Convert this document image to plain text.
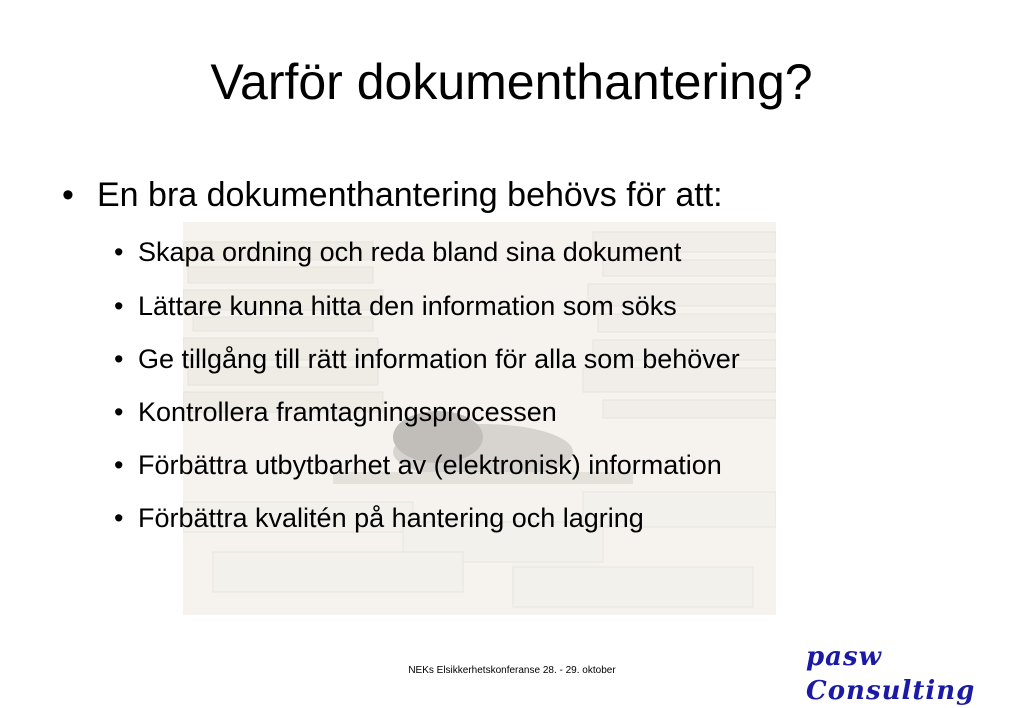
Varför dokumenthantering?
• En bra dokumenthantering behövs för att:
• Skapa ordning och reda bland sina dokument
• Lättare kunna hitta den information som söks
• Ge tillgång till rätt information för alla som behöver
• Kontrollera framtagningsprocessen
• Förbättra utbytbarhet av (elektronisk) information
• Förbättra kvalitén på hantering och lagring
NEKs Elsikkerhetskonferanse 28. - 29. oktober	pasw Consulting
